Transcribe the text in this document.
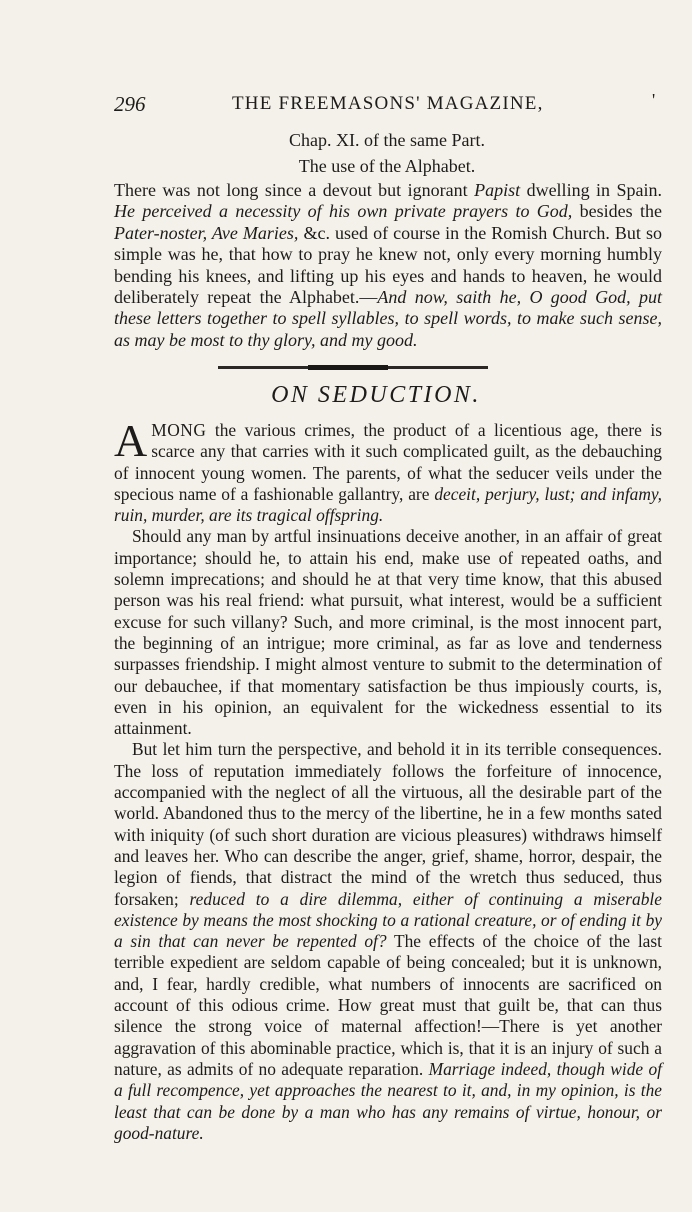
296	THE FREEMASONS' MAGAZINE,	'
Chap. XI. of the same Part.
The use of the Alphabet.

There was not long since a devout but ignorant Papist dwelling in Spain. He perceived a necessity of his own private prayers to God, besides the Pater-noster, Ave Maries, &c. used of course in the Romish Church. But so simple was he, that how to pray he knew not, only every morning humbly bending his knees, and lifting up his eyes and hands to heaven, he would deliberately repeat the Alphabet.—And now, saith he, O good God, put these letters together to spell syllables, to spell words, to make such sense, as may be most to thy glory, and my good.

ON SEDUCTION.

AMONG the various crimes, the product of a licentious age, there is scarce any that carries with it such complicated guilt, as the debauching of innocent young women. The parents, of what the seducer veils under the specious name of a fashionable gallantry, are deceit, perjury, lust; and infamy, ruin, murder, are its tragical offspring.

Should any man by artful insinuations deceive another, in an affair of great importance; should he, to attain his end, make use of repeated oaths, and solemn imprecations; and should he at that very time know, that this abused person was his real friend: what pursuit, what interest, would be a sufficient excuse for such villany? Such, and more criminal, is the most innocent part, the beginning of an intrigue; more criminal, as far as love and tenderness surpasses friendship. I might almost venture to submit to the determination of our debauchee, if that momentary satisfaction be thus impiously courts, is, even in his opinion, an equivalent for the wickedness essential to its attainment.

But let him turn the perspective, and behold it in its terrible consequences. The loss of reputation immediately follows the forfeiture of innocence, accompanied with the neglect of all the virtuous, all the desirable part of the world. Abandoned thus to the mercy of the libertine, he in a few months sated with iniquity (of such short duration are vicious pleasures) withdraws himself and leaves her. Who can describe the anger, grief, shame, horror, despair, the legion of fiends, that distract the mind of the wretch thus seduced, thus forsaken; reduced to a dire dilemma, either of continuing a miserable existence by means the most shocking to a rational creature, or of ending it by a sin that can never be repented of? The effects of the choice of the last terrible expedient are seldom capable of being concealed; but it is unknown, and, I fear, hardly credible, what numbers of innocents are sacrificed on account of this odious crime. How great must that guilt be, that can thus silence the strong voice of maternal affection!—There is yet another aggravation of this abominable practice, which is, that it is an injury of such a nature, as admits of no adequate reparation. Marriage indeed, though wide of a full recompence, yet approaches the nearest to it, and, in my opinion, is the least that can be done by a man who has any remains of virtue, honour, or good-nature.
